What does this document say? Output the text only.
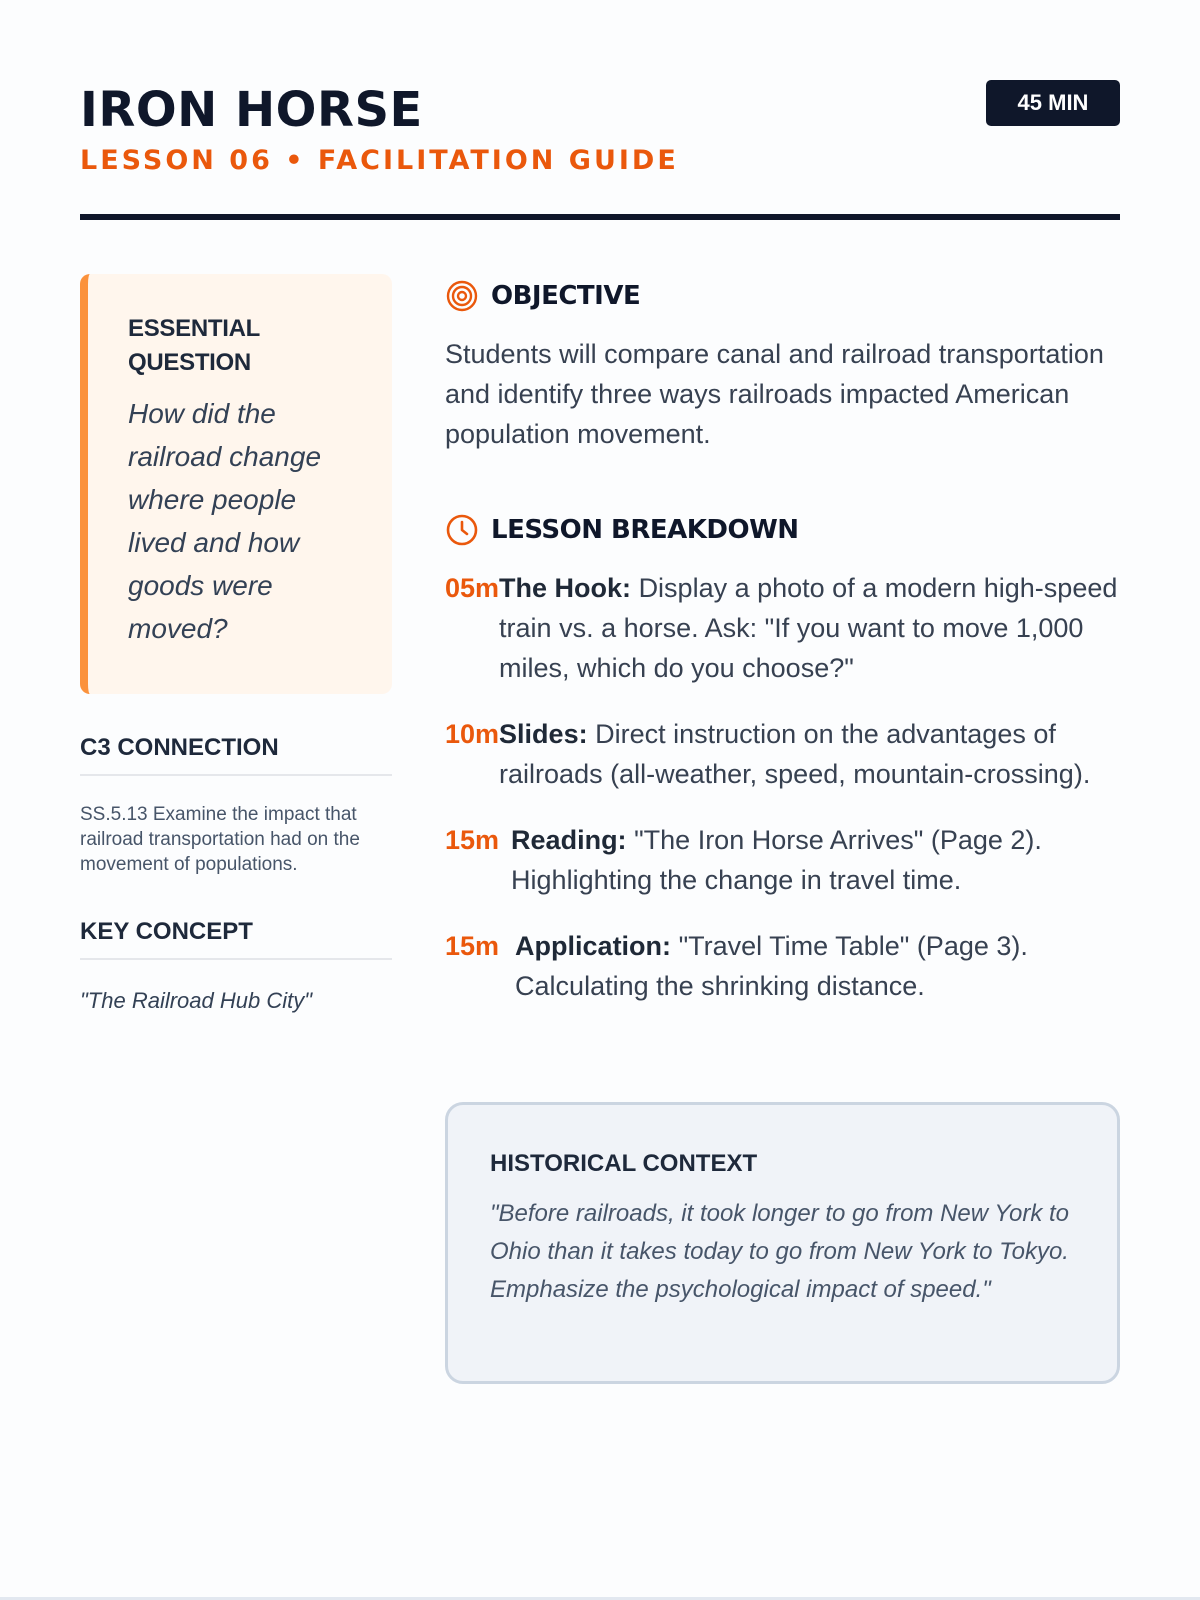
IRON HORSE
LESSON 06 • FACILITATION GUIDE
45 MIN
ESSENTIAL QUESTION
How did the railroad change where people lived and how goods were moved?
C3 CONNECTION
SS.5.13 Examine the impact that railroad transportation had on the movement of populations.
KEY CONCEPT
"The Railroad Hub City"
OBJECTIVE
Students will compare canal and railroad transportation and identify three ways railroads impacted American population movement.
LESSON BREAKDOWN
05m The Hook: Display a photo of a modern high-speed train vs. a horse. Ask: "If you want to move 1,000 miles, which do you choose?"
10m Slides: Direct instruction on the advantages of railroads (all-weather, speed, mountain-crossing).
15m Reading: "The Iron Horse Arrives" (Page 2). Highlighting the change in travel time.
15m Application: "Travel Time Table" (Page 3). Calculating the shrinking distance.
HISTORICAL CONTEXT
"Before railroads, it took longer to go from New York to Ohio than it takes today to go from New York to Tokyo. Emphasize the psychological impact of speed."
